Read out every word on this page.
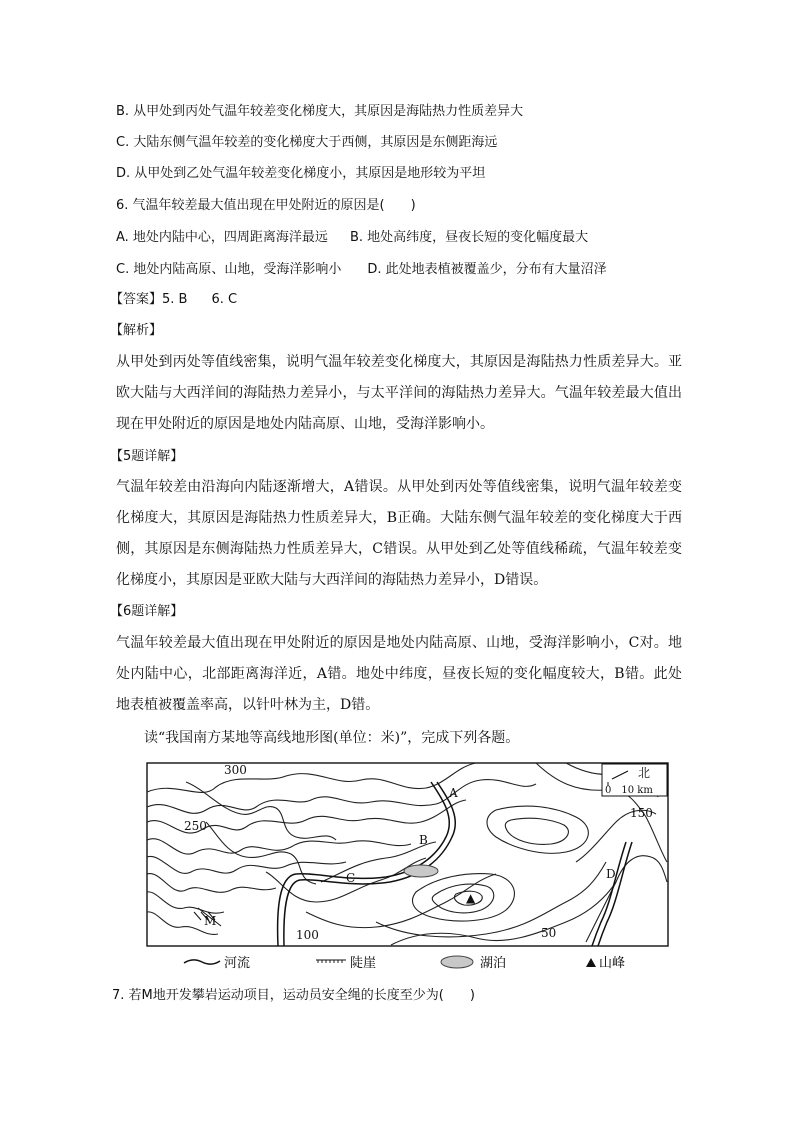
B. 从甲处到丙处气温年较差变化梯度大，其原因是海陆热力性质差异大
C. 大陆东侧气温年较差的变化梯度大于西侧，其原因是东侧距海远
D. 从甲处到乙处气温年较差变化梯度小，其原因是地形较为平坦
6. 气温年较差最大值出现在甲处附近的原因是(　　)
A. 地处内陆中心，四周距离海洋最远 B. 地处高纬度，昼夜长短的变化幅度最大
C. 地处内陆高原、山地，受海洋影响小 D. 此处地表植被覆盖少，分布有大量沼泽
【答案】5. B 6. C
【解析】
从甲处到丙处等值线密集，说明气温年较差变化梯度大，其原因是海陆热力性质差异大。亚欧大陆与大西洋间的海陆热力差异小，与太平洋间的海陆热力差异大。气温年较差最大值出现在甲处附近的原因是地处内陆高原、山地，受海洋影响小。
【5题详解】
气温年较差由沿海向内陆逐渐增大，A错误。从甲处到丙处等值线密集，说明气温年较差变化梯度大，其原因是海陆热力性质差异大，B正确。大陆东侧气温年较差的变化梯度大于西侧，其原因是东侧海陆热力性质差异大，C错误。从甲处到乙处等值线稀疏，气温年较差变化梯度小，其原因是亚欧大陆与大西洋间的海陆热力差异小，D错误。
【6题详解】
气温年较差最大值出现在甲处附近的原因是地处内陆高原、山地，受海洋影响小，C对。地处内陆中心，北部距离海洋近，A错。地处中纬度，昼夜长短的变化幅度较大，B错。此处地表植被覆盖率高，以针叶林为主，D错。
读“我国南方某地等高线地形图(单位：米)”，完成下列各题。
300
250
150
100	50
A
B
C	D
M
▲
北
0　10 km
河流	陡崖	湖泊	山峰
7. 若M地开发攀岩运动项目，运动员安全绳的长度至少为(　　)
